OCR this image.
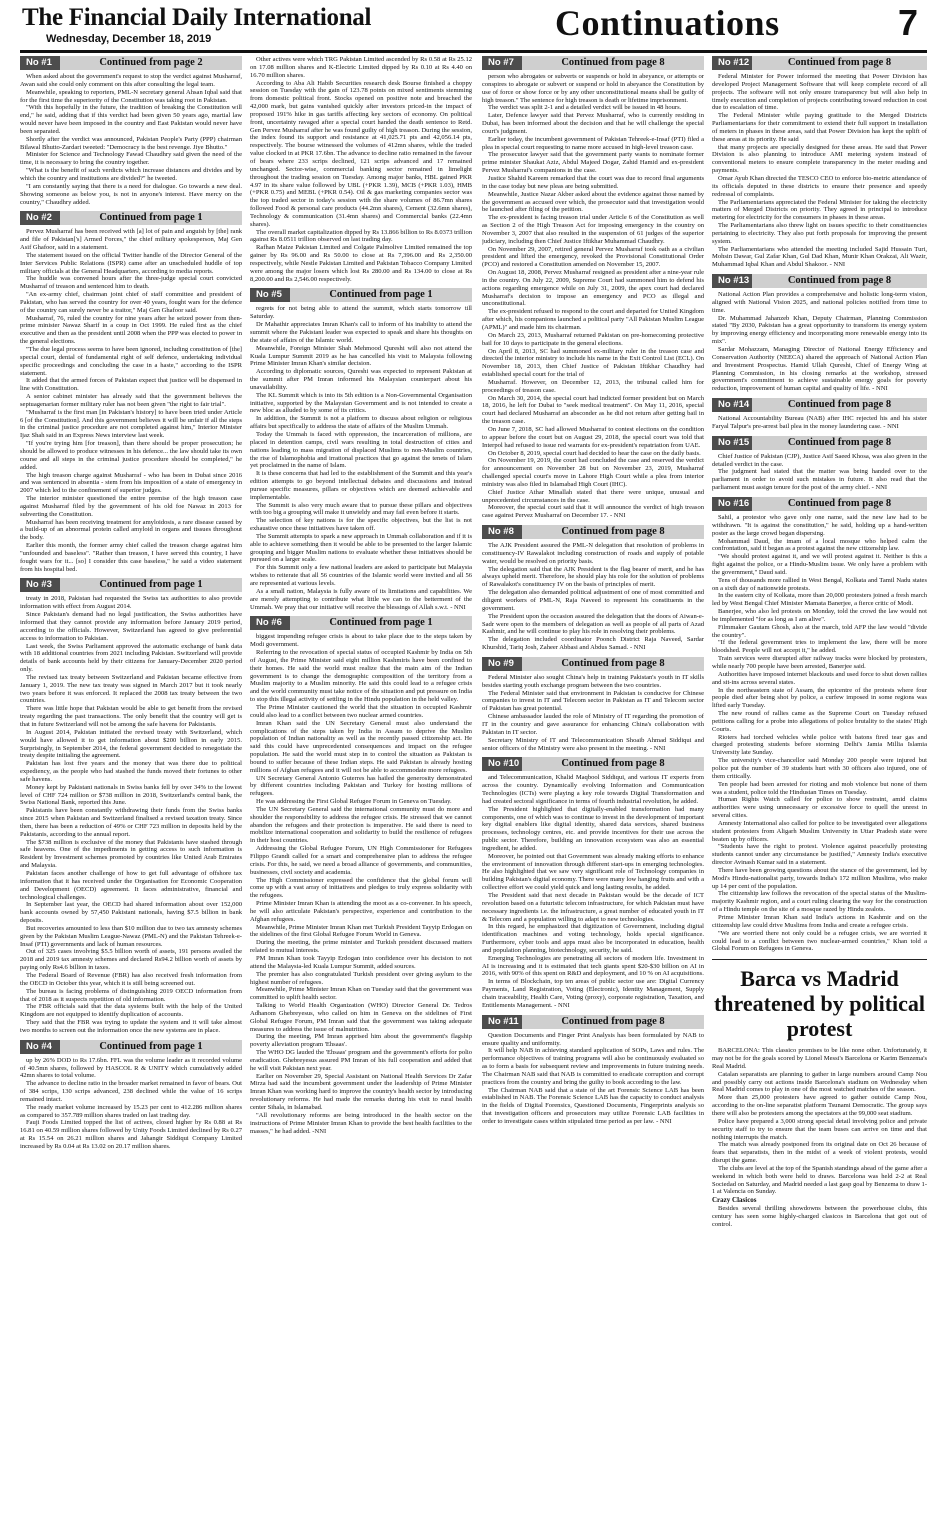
The Financial Daily International
Wednesday, December 18, 2019	Continuations	7
No #1	Continued from page 2

When asked about the government's request to stop the verdict against Musharraf, Awan said she could only comment on this after consulting the legal team.

Meanwhile, speaking to reporters, PML-N secretary general Ahsan Iqbal said that for the first time the superiority of the Constitution was taking root in Pakistan.

"With this hopefully in the future, the tradition of breaking the Constitution will end," he said, adding that if this verdict had been given 50 years ago, martial law would never have been imposed in the country and East Pakistan would never have been separated.

Shortly after the verdict was announced, Pakistan People's Party (PPP) chairman Bilawal Bhutto-Zardari tweeted: "Democracy is the best revenge. Jiye Bhutto."

Minister for Science and Technology Fawad Chaudhry said given the need of the time, it is necessary to bring the country together.

"What is the benefit of such verdicts which increase distances and divides and by which the country and institutions are divided?" he tweeted.

"I am constantly saying that there is a need for dialogue. Go towards a new deal. Showing someone as below you, is not in anyone's interest. Have mercy on the country," Chaudhry added.

No #2	Continued from page 1

Pervez Musharraf has been received with [a] lot of pain and anguish by [the] rank and file of Pakistan['s] Armed Forces," the chief military spokesperson, Maj Gen Asif Ghafoor, said in a statement.

The statement issued on the official Twitter handle of the Director General of the Inter Services Public Relations (ISPR) came after an unscheduled huddle of top military officials at the General Headquarters, according to media reports.

The huddle was convened hours after the three-judge special court convicted Musharraf of treason and sentenced him to death.

"An ex-army chief, chairman joint chief of staff committee and president of Pakistan, who has served the country for over 40 years, fought wars for the defence of the country can surely never be a traitor," Maj Gen Ghafoor said.

Musharraf, 76, ruled the country for nine years after he seized power from then-prime minister Nawaz Sharif in a coup in Oct 1999. He ruled first as the chief executive and then as the president until 2008 when the PPP was elected to power in the general elections.

"The due legal process seems to have been ignored, including constitution of [the] special court, denial of fundamental right of self defence, undertaking individual specific proceedings and concluding the case in a haste," according to the ISPR statement.

It added that the armed forces of Pakistan expect that justice will be dispensed in line with Constitution.

A senior cabinet minister has already said that the government believes the septuagenarian former military ruler has not been given "the right to fair trial".

"Musharraf is the first man [in Pakistan's history] to have been tried under Article 6 [of the Constitution]. And this government believes it will be unfair if all the steps in the criminal justice procedure are not completed against him," Interior Minister Ijaz Shah said in an Express News interview last week.

"If you're trying him [for treason], than there should be proper prosecution; he should be allowed to produce witnesses in his defence... the law should take its own course and all steps in the criminal justice procedure should be completed," he added.

The high treason charge against Musharraf - who has been in Dubai since 2016 and was sentenced in absentia - stem from his imposition of a state of emergency in 2007 which led to the confinement of superior judges.

The interior minister questioned the entire premise of the high treason case against Musharraf filed by the government of his old foe Nawaz in 2013 for subverting the Constitution.

Musharraf has been receiving treatment for amyloidosis, a rare disease caused by a build-up of an abnormal protein called amyloid in organs and tissues throughout the body.

Earlier this month, the former army chief called the treason charge against him "unfounded and baseless". "Rather than treason, I have served this country, I have fought wars for it... [so] I consider this case baseless," he said a video statement from his hospital bed.

No #3	Continued from page 1

treaty in 2018, Pakistan had requested the Swiss tax authorities to also provide information with effect from August 2014.

Since Pakistan's demand had no legal justification, the Swiss authorities have informed that they cannot provide any information before January 2019 period, according to the officials. However, Switzerland has agreed to give preferential access to information to Pakistan.

Last week, the Swiss Parliament approved the automatic exchange of bank data with 18 additional countries from 2021 including Pakistan. Switzerland will provide details of bank accounts held by their citizens for January-December 2020 period only.

The revised tax treaty between Switzerland and Pakistan became effective from January 1, 2019. The new tax treaty was signed in March 2017 but it took nearly two years before it was enforced. It replaced the 2008 tax treaty between the two countries.

There was little hope that Pakistan would be able to get benefit from the revised treaty regarding the past transactions. The only benefit that the country will get is that in future Switzerland will not be among the safe havens for Pakistanis.

In August 2014, Pakistan initiated the revised treaty with Switzerland, which would have allowed it to get information about $200 billion in early 2015. Surprisingly, in September 2014, the federal government decided to renegotiate the treaty despite initialing the agreement.

Pakistan has lost five years and the money that was there due to political expediency, as the people who had stashed the funds moved their fortunes to other safe havens.

Money kept by Pakistani nationals in Swiss banks fell by over 34% to the lowest level of CHF 724 million or $738 million in 2018, Switzerland's central bank, the Swiss National Bank, reported this June.

Pakistanis have been constantly withdrawing their funds from the Swiss banks since 2015 when Pakistan and Switzerland finalised a revised taxation treaty. Since then, there has been a reduction of 49% or CHF 723 million in deposits held by the Pakistanis, according to the annual report.

The $738 million is exclusive of the money that Pakistanis have stashed through safe heavens. One of the impediments in getting access to such information is Resident by Investment schemes promoted by countries like United Arab Emirates and Malaysia.

Pakistan faces another challenge of how to get full advantage of offshore tax information that it has received under the Organisation for Economic Cooperation and Development (OECD) agreement. It faces administrative, financial and technological challenges.

In September last year, the OECD had shared information about over 152,000 bank accounts owned by 57,450 Pakistani nationals, having $7.5 billion in bank deposits.

But recoveries amounted to less than $10 million due to two tax amnesty schemes given by the Pakistan Muslim League-Nawaz (PML-N) and the Pakistan Tehreek-e-Insaf (PTI) governments and lack of human resources.

Out of 325 cases involving $5.5 billion worth of assets, 191 persons availed the 2018 and 2019 tax amnesty schemes and declared Rs94.2 billion worth of assets by paying only Rs4.6 billion in taxes.

The Federal Board of Revenue (FBR) has also received fresh information from the OECD in October this year, which it is still being screened out.

The bureau is facing problems of distinguishing 2019 OECD information from that of 2018 as it suspects repetition of old information.

The FBR officials said that the data systems built with the help of the United Kingdom are not equipped to identify duplication of accounts.

They said that the FBR was trying to update the system and it will take almost two months to screen out the information once the new systems are in place.

No #4	Continued from page 1

up by 26% DOD to Rs 17.6bn. FFL was the volume leader as it recorded volume of 40.5mn shares, followed by HASCOL R & UNITY which cumulatively added 42mn shares to total volume.

The advance to decline ratio in the broader market remained in favor of bears. Out of 384 scrips, 130 scrips advanced, 238 declined while the value of 16 scrips remained intact.

The ready market volume increased by 15.23 per cent to 412.286 million shares as compared to 357.789 million shares traded on last trading day.

Fauji Foods Limited topped the list of actives, closed higher by Rs 0.88 at Rs 16.81 on 40.59 million shares followed by Unity Foods Limited declined by Rs 0.27 at Rs 15.54 on 26.21 million shares and Jahangir Siddiqui Company Limited increased by Rs 0.04 at Rs 13.02 on 20.17 million shares.

Other actives were which TRG Pakistan Limited ascended by Rs 0.58 at Rs 25.12 on 17.08 million shares and K-Electric Limited dipped by Rs 0.10 at Rs 4.40 on 16.70 million shares.

According to Aba Ali Habib Securities research desk Bourse finished a choppy session on Tuesday with the gain of 123.78 points on mixed sentiments stemming from domestic political front. Stocks opened on positive note and breached the 42,000 mark, but gains vanished quickly after investors priced-in the impact of proposed 191% hike in gas tariffs affecting key sectors of economy. On political front, uncertainty ravaged after a special court handed the death sentence to Retd. Gen Pervez Musharraf after he was found guilty of high treason. During the session, the index found its support and resistance at 41,025.71 pts and 42,056.14 pts, respectively. The bourse witnessed the volumes of 412mn shares, while the traded value clocked in at PKR 17.6bn. The advance to decline ratio remained in the favour of bears where 233 scrips declined, 121 scrips advanced and 17 remained unchanged. Sector-wise, commercial banking sector remained in limelight throughout the trading session on Tuesday. Among major banks, HBL gained PKR 4.97 in its share value followed by UBL (+PKR 1.39), MCB (+PKR 1.03), HMB (+PKR 0.75) and MEBL (+PKR 0.54). Oil & gas marketing companies sector was the top traded sector in today's session with the share volumes of 86.7mn shares followed Food & personal care products (44.2mn shares), Cement (32.6mn shares), Technology & communication (31.4mn shares) and Commercial banks (22.4mn shares).

The overall market capitalization dipped by Rs 13.866 billion to Rs 8.0373 trillion against Rs 8.0511 trillion observed on last trading day.

Rafhan Maize Pakistan Limited and Colgate Palmolive Limited remained the top gainer by Rs 96.00 and Rs 50.00 to close at Rs 7,396.00 and Rs 2,350.00 respectively, while Nestle Pakistan Limited and Pakistan Tobacco Company Limited were among the major losers which lost Rs 280.00 and Rs 134.00 to close at Rs 8,200.00 and Rs 2,546.00 respectively.

No #5	Continued from page 1

regrets for not being able to attend the summit, which starts tomorrow till Saturday.

Dr Mahathir appreciates Imran Khan's call to inform of his inability to attend the summit where the Pakistani leader was expected to speak and share his thoughts on the state of affairs of the Islamic world.

Meanwhile, Foreign Minister Shah Mehmood Qureshi will also not attend the Kuala Lumpur Summit 2019 as he has cancelled his visit to Malaysia following Prime Minister Imran Khan's similar decision.

According to diplomatic sources, Qureshi was expected to represent Pakistan at the summit after PM Imran informed his Malaysian counterpart about his unavailability.

The KL Summit which is into its 5th edition is a Non-Governmental Organisation initiative, supported by the Malaysian Government and is not intended to create a new bloc as alluded to by some of its critics.

In addition, the Summit is not a platform to discuss about religion or religious affairs but specifically to address the state of affairs of the Muslim Ummah.

Today the Ummah is faced with oppression, the incarceration of millions, are placed in detention camps, civil wars resulting in total destruction of cities and nations leading to mass migration of displaced Muslims to non-Muslim countries, the rise of Islamophobia and irrational practices that go against the tenets of Islam yet proclaimed in the name of Islam.

It is these concerns that had led to the establishment of the Summit and this year's edition attempts to go beyond intellectual debates and discussions and instead pursue specific measures, pillars or objectives which are deemed achievable and implementable.

The Summit is also very much aware that to pursue these pillars and objectives with too big a grouping will make it unwieldy and may fail even before it starts.

The selection of key nations is for the specific objectives, but the list is not exhaustive once these initiatives have taken off.

The Summit attempts to spark a new approach in Ummah collaboration and if it is able to achieve something then it would be able to be presented to the larger Islamic grouping and bigger Muslim nations to evaluate whether these initiatives should be pursued on a larger scale.

For this Summit only a few national leaders are asked to participate but Malaysia wishes to reiterate that all 56 countries of the Islamic world were invited and all 56 are represented at various levels.

As a small nation, Malaysia is fully aware of its limitations and capabilities. We are merely attempting to contribute what little we can to the betterment of the Ummah. We pray that our initiative will receive the blessings of Allah s.w.t. - NNI

No #6	Continued from page 1

biggest impending refugee crisis is about to take place due to the steps taken by Modi government.

Referring to the revocation of special status of occupied Kashmir by India on 5th of August, the Prime Minister said eight million Kashmiris have been confined to their homes. He said the world must realize that the main aim of the Indian government is to change the demographic composition of the territory from a Muslim majority to a Muslim minority. He said this could lead to a refugee crisis and the world community must take notice of the situation and put pressure on India to stop this illegal activity of settling in the Hindu population in the held valley.

The Prime Minister cautioned the world that the situation in occupied Kashmir could also lead to a conflict between two nuclear armed countries.

Imran Khan said the UN Secretary General must also understand the complications of the steps taken by India in Assam to deprive the Muslim population of Indian nationality as well as the recently passed citizenship act. He said this could have unprecedented consequences and impact on the refugee population. He said the world must step in to control the situation as Pakistan is bound to suffer because of these Indian steps. He said Pakistan is already hosting millions of Afghan refugees and it will not be able to accommodate more refugees.

UN Secretary General Antonio Guterres has hailed the generosity demonstrated by different countries including Pakistan and Turkey for hosting millions of refugees.

He was addressing the First Global Refugee Forum in Geneva on Tuesday.

The UN Secretary General said the international community must do more and shoulder the responsibility to address the refugee crisis. He stressed that we cannot abandon the refugees and their protection is imperative. He said there is need to mobilize international cooperation and solidarity to build the resilience of refugees in their host countries.

Addressing the Global Refugee Forum, UN High Commissioner for Refugees Filippo Grandi called for a smart and comprehensive plan to address the refugee crisis. For this, he said, we need a broad alliance of governments, and communities, businesses, civil society and academia.

The High Commissioner expressed the confidence that the global forum will come up with a vast array of initiatives and pledges to truly express solidarity with the refugees.

Prime Minister Imran Khan is attending the moot as a co-convener. In his speech, he will also articulate Pakistan's perspective, experience and contribution to the Afghan refugees.

Meanwhile, Prime Minister Imran Khan met Turkish President Tayyip Erdogan on the sidelines of the first Global Refugee Forum World in Geneva.

During the meeting, the prime minister and Turkish president discussed matters related to mutual interests.

PM Imran Khan took Tayyip Erdogan into confidence over his decision to not attend the Malaysia-led Kuala Lumpur Summit, added sources.

The premier has also congratulated Turkish president over giving asylum to the highest number of refugees.

Meanwhile, Prime Minister Imran Khan on Tuesday said that the government was committed to uplift health sector.

Talking to World Health Organization (WHO) Director General Dr. Tedros Adhanom Ghebreyesus, who called on him in Geneva on the sidelines of First Global Refugee Forum, PM Imran said that the government was taking adequate measures to address the issue of malnutrition.

During the meeting, PM Imran apprised him about the government's flagship poverty alleviation program 'Ehsaas'.

The WHO DG lauded the 'Ehsaas' program and the government's efforts for polio eradication. Ghebreyesus assured PM Imran of his full cooperation and added that he will visit Pakistan next year.

Earlier on November 29, Special Assistant on National Health Services Dr Zafar Mirza had said the incumbent government under the leadership of Prime Minister Imran Khan was working hard to improve the country's health sector by introducing revolutionary reforms. He had made the remarks during his visit to rural health center Sihala, in Islamabad.

"All revolutionary reforms are being introduced in the health sector on the instructions of Prime Minister Imran Khan to provide the best health facilities to the masses," he had added. -NNI

No #7	Continued from page 8

person who abrogates or subverts or suspends or hold in abeyance, or attempts or conspires to abrogate or subvert or suspend or hold in abeyance the Constitution by use of force or show force or by any other unconstitutional means shall be guilty of high treason." The sentence for high treason is death or lifetime imprisonment.

The verdict was split 2-1 and a detailed verdict will be issued in 48 hours.

Later, Defence lawyer said that Pervez Musharraf, who is currently residing in Dubai, has been informed about the decision and that he will challenge the special court's judgment.

Earlier today, the incumbent government of Pakistan Tehreek-e-Insaf (PTI) filed a plea in special court requesting to name more accused in high-level treason case.

The prosecutor lawyer said that the government party wants to nominate former prime minister Shaukat Aziz, Abdul Majeed Dogar, Zahid Hamid and ex-president Pervez Musharraf's companions in the case.

Justice Shahid Kareem remarked that the court was due to record final arguments in the case today but new pleas are being submitted.

Meanwhile, Justice Nazar Akber asked about the evidence against those named by the government as accused over which, the prosecutor said that investigation would be launched after filing of the petition.

The ex-president is facing treason trial under Article 6 of the Constitution as well as Section 2 of the High Treason Act for imposing emergency in the country on November 3, 2007 that also resulted in the suspension of 61 judges of the superior judiciary, including then Chief Justice Iftikhar Muhammad Chaudhry.

On November 29, 2007, retired general Pervez Musharraf took oath as a civilian president and lifted the emergency, revoked the Provisional Constitutional Order (PCO) and restored a Constitution amended on November 15, 2007.

On August 18, 2008, Pervez Musharraf resigned as president after a nine-year rule in the country. On July 22, 2009, Supreme Court had summoned him to defend his actions regarding emergence while on July 31, 2009, the apex court had declared Musharraf's decision to impose an emergency and PCO as illegal and unconstitutional.

The ex-president refused to respond to the court and departed for United Kingdom after which, his companions launched a political party "All Pakistan Muslim League (APML)" and made him its chairman.

On March 23, 2013, Musharraf returned Pakistan on pre-homecoming protective bail for 10 days to participate in the general elections.

On April 8, 2013, SC had summoned ex-military ruler in the treason case and directed the interior ministry to include his name in the Exit Control List (ECL). On November 18, 2013, then Chief Justice of Pakistan Iftikhar Chaudhry had established special court for the trial of

Musharraf. However, on December 12, 2013, the tribunal called him for proceedings of treason case.

On March 30, 2014, the special court had indicted former president but on March 18, 2016, he left for Dubai to "seek medical treatment". On May 11, 2016, special court had declared Musharraf an absconder as he did not return after getting bail in the treason case.

On June 7, 2018, SC had allowed Musharraf to contest elections on the condition to appear before the court but on August 29, 2018, the special court was told that Interpol had refused to issue red warrants for ex-president's repatriation from UAE.

On October 8, 2019, special court had decided to hear the case on the daily basis.

On November 19, 2019, the court had concluded the case and reserved the verdict for announcement on November 28 but on November 23, 2019, Musharraf challenged special court's move in Lahore High Court while a plea from interior ministry was also filed in Islamabad High Court (IHC).

Chief Justice Athar Minallah stated that there were unique, unusual and unprecedented circumstances in the case.

Moreover, the special court said that it will announce the verdict of high treason case against Pervez Musharraf on December 17. - NNI

No #8	Continued from page 8

The AJK President assured the PML-N delegation that resolution of problems in constituency-IV Rawalakot including construction of roads and supply of potable water, would be resolved on priority basis.

The delegation said that the AJK President is the flag bearer of merit, and he has always upheld merit. Therefore, he should play his role for the solution of problems of Rawalakot's constituency IV on the basis of principles of merit.

The delegation also demanded political adjustment of one of most committed and diligent workers of PML-N, Raja Naveed to represent his constituents in the government.

The President upon the occasion assured the delegation that the doors of Aiwan-e-Sadr were open to the members of delegation as well as people of all parts of Azad Kashmir, and he will continue to play his role in resolving their problems.

The delegation included coordinator Poonch District Raja Naveed, Sardar Khurshid, Tariq Josh, Zaheer Abbasi and Abdus Samad. - NNI

No #9	Continued from page 8

Federal Minister also sought China's help in training Pakistan's youth in IT skills besides starting youth exchange program between the two countries.

The Federal Minister said that environment in Pakistan is conducive for Chinese companies to invest in IT and Telecom sector in Pakistan as IT and Telecom sector of Pakistan has great potential.

Chinese ambassador lauded the role of Ministry of IT regarding the promotion of IT in the country and gave assurance for enhancing China's collaboration with Pakistan in IT sector.

Secretary Ministry of IT and Telecommunication Shoaib Ahmad Siddiqui and senior officers of the Ministry were also present in the meeting. - NNI

No #10	Continued from page 8

and Telecommunication, Khalid Maqbool Siddiqui, and various IT experts from across the country. Dynamically evolving Information and Communication Technologies (ICTs) were playing a key role towards Digital Transformation and had created sectoral significance in terms of fourth industrial revolution, he added.

The President highlighted that digitally-enabled transformation had many components, one of which was to continue to invest in the development of important key digital enablers like digital identity, shared data services, shared business processes, technology centres, etc. and provide incentives for their use across the public sector. Therefore, building an innovation ecosystem was also an essential ingredient, he added.

Moreover, he pointed out that Government was already making efforts to enhance the environment of innovation through different start-ups in emerging technologies. He also highlighted that we saw very significant role of Technology companies in building Pakistan's digital economy. There were many low hanging fruits and with a collective effort we could yield quick and long lasting results, he added.

The President said that next decade in Pakistan would be the decade of ICT revolution based on a futuristic telecom infrastructure, for which Pakistan must have necessary ingredients i.e. the infrastructure, a great number of educated youth in IT & Telecom and a population willing to adapt to new technologies.

In this regard, he emphasized that digitization of Government, including digital identification machines and voting technology, holds special significance. Furthermore, cyber tools and apps must also be incorporated in education, health and population planning, biotechnology, security, he said.

Emerging Technologies are penetrating all sectors of modern life. Investment in AI is increasing and it is estimated that tech giants spent $20-$30 billion on AI in 2016, with 90% of this spent on R&D and deployment, and 10 % on AI acquisitions.

In terms of Blockchain, top ten areas of public sector use are: Digital Currency Payments, Land Registration, Voting (Electronic), Identity Management, Supply chain traceability, Health Care, Voting (proxy), corporate registration, Taxation, and Entitlements Management. - NNI

No #11	Continued from page 8

Question Documents and Finger Print Analysis has been formulated by NAB to ensure quality and uniformity.

It will help NAB in achieving standard application of SOPs, Laws and rules. The performance objectives of training programs will also be continuously evaluated so as to form a basis for subsequent review and improvements in future training needs. The Chairman NAB said that NAB is committed to eradicate corruption and corrupt practices from the country and bring the guilty to book according to the law.

The Chairman NAB said that a state of the art Forensic Science LAB has been established in NAB. The Forensic Science LAB has the capacity to conduct analysis in the fields of Digital Forensics, Questioned Documents, Fingerprints analysis so that investigation officers and prosecutors may utilize Forensic LAB facilities in order to investigate cases within stipulated time period as per law. - NNI

No #12	Continued from page 8

Federal Minister for Power informed the meeting that Power Division has developed Project Management Software that will keep complete record of all projects. The software will not only ensure transparency but will also help in timely execution and completion of projects contributing toward reduction in cost due to escalation of time.

The Federal Minister while paying gratitude to the Merged Districts Parliamentarians for their commitment to extend their full support in installation of meters in phases in these areas, said that Power Division has kept the uplift of these areas at its priority. He said

that many projects are specially designed for these areas. He said that Power Division is also planning to introduce AMI metering system instead of conventional meters to ensure complete transparency in the meter reading and payments.

Omar Ayub Khan directed the TESCO CEO to enforce bio-metric attendance of its officials deputed in these districts to ensure their presence and speedy redressal of complaints.

The Parliamentarians appreciated the Federal Minister for taking the electricity matters of Merged Districts on priority. They agreed in principal to introduce metering for electricity for the consumers in phases in these areas.

The Parliamentarians also threw light on issues specific to their constituencies pertaining to electricity. They also put forth proposals for improving the present system.

The Parliamentarians who attended the meeting included Sajid Hussain Turi, Mohsin Dawar, Gul Zafar Khan, Gul Dad Khan, Munir Khan Orakzai, Ali Wazir, Muhammad Iqbal Khan and Abdul Shakoor. - NNI

No #13	Continued from page 8

National Action Plan provides a comprehensive and holistic long-term vision, aligned with National Vision 2025, and national policies notified from time to time.

Dr. Muhammad Jahanzeb Khan, Deputy Chairman, Planning Commission stated "By 2030, Pakistan has a great opportunity to transform its energy system by improving energy efficiency and incorporating more renewable energy into its mix".

Sardar Mohazzam, Managing Director of National Energy Efficiency and Conservation Authority (NEECA) shared the approach of National Action Plan and Investment Prospectus. Hamid Ullah Qureshi, Chief of Energy Wing at Planning Commission, in his closing remarks at the workshop, stressed government's commitment to achieve sustainable energy goals for poverty reduction, improvement of human capital and quality of life. - NNI

No #14	Continued from page 8

National Accountability Bureau (NAB) after IHC rejected his and his sister Faryal Talpur's pre-arrest bail plea in the money laundering case. - NNI

No #15	Continued from page 8

Chief Justice of Pakistan (CJP), Justice Asif Saeed Khosa, was also given in the detailed verdict in the case.

The judgment had stated that the matter was being handed over to the parliament in order to avoid such mistakes in future. It also read that the parliament must assign tenure for the post of the army chief. - NNI

No #16	Continued from page 8

Sahil, a protestor who gave only one name, said the new law had to be withdrawn. "It is against the constitution," he said, holding up a hand-written poster as the large crowd began dispersing.

Mohammad Daud, the imam of a local mosque who helped calm the confrontation, said it began as a protest against the new citizenship law.

"We should protest against it, and we will protest against it. Neither is this a fight against the police, or a Hindu-Muslim issue. We only have a problem with the government," Daud said.

Tens of thousands more rallied in West Bengal, Kolkata and Tamil Nadu states on a sixth day of nationwide protests.

In the eastern city of Kolkata, more than 20,000 protesters joined a fresh march led by West Bengal Chief Minister Mamata Banerjee, a fierce critic of Modi.

Banerjee, who also led protests on Monday, told the crowd the law would not be implemented "for as long as I am alive".

Filmmaker Gautam Ghosh, also at the march, told AFP the law would "divide the country".

"If the federal government tries to implement the law, there will be more bloodshed. People will not accept it," he added.

Train services were disrupted after railway tracks were blocked by protesters, while nearly 700 people have been arrested, Banerjee said.

Authorities have imposed internet blackouts and used force to shut down rallies and sit-ins across several states.

In the northeastern state of Assam, the epicentre of the protests where four people died after being shot by police, a curfew imposed in some regions was lifted early Tuesday.

The new round of rallies came as the Supreme Court on Tuesday refused petitions calling for a probe into allegations of police brutality to the states' High Courts.

Rioters had torched vehicles while police with batons fired tear gas and charged protesting students before storming Delhi's Jamia Millia Islamia University late Sunday.

The university's vice-chancellor said Monday 200 people were injured but police put the number of 39 students hurt with 30 officers also injured, one of them critically.

Ten people had been arrested for rioting and mob violence but none of them was a student, police told the Hindustan Times on Tuesday.

Human Rights Watch called for police to show restraint, amid claims authorities were using unnecessary or excessive force to quell the unrest in several cities.

Amnesty International also called for police to be investigated over allegations student protesters from Aligarh Muslim University in Uttar Pradesh state were beaten up by officers.

"Students have the right to protest. Violence against peacefully protesting students cannot under any circumstance be justified," Amnesty India's executive director Avinash Kumar said in a statement.

There have been growing questions about the stance of the government, led by Modi's Hindu-nationalist party, towards India's 172 million Muslims, who make up 14 per cent of the population.

The citizenship law follows the revocation of the special status of the Muslim-majority Kashmir region, and a court ruling clearing the way for the construction of a Hindu temple on the site of a mosque razed by Hindu zealots.

Prime Minister Imran Khan said India's actions in Kashmir and on the citizenship law could drive Muslims from India and create a refugee crisis.

"We are worried there not only could be a refugee crisis, we are worried it could lead to a conflict between two nuclear-armed countries," Khan told a Global Forum on Refugees in Geneva.

Barca vs Madrid threatened by political protest

BARCELONA: This classico promises to be like none other. Unfortunately, it may not be for the goals scored by Lionel Messi's Barcelona or Karim Benzema's Real Madrid.

Catalan separatists are planning to gather in large numbers around Camp Nou and possibly carry out actions inside Barcelona's stadium on Wednesday when Real Madrid comes to play in one of the most watched matches of the season.

More than 25,000 protesters have agreed to gather outside Camp Nou, according to the on-line separatist platform Tsunami Democratic. The group says there will also be protesters among the spectators at the 99,000 seat stadium.

Police have prepared a 3,000 strong special detail involving police and private security staff to try to ensure that the team buses can arrive on time and that nothing interrupts the match.

The match was already postponed from its original date on Oct 26 because of fears that separatists, then in the midst of a week of violent protests, would disrupt the game.

The clubs are level at the top of the Spanish standings ahead of the game after a weekend in which both were held to draws. Barcelona was held 2-2 at Real Sociedad on Saturday, and Madrid needed a last gasp goal by Benzema to draw 1-1 at Valencia on Sunday.

Crazy Clasicos

Besides several thrilling showdowns between the powerhouse clubs, this century has seen some highly-charged clasicos in Barcelona that got out of control.
